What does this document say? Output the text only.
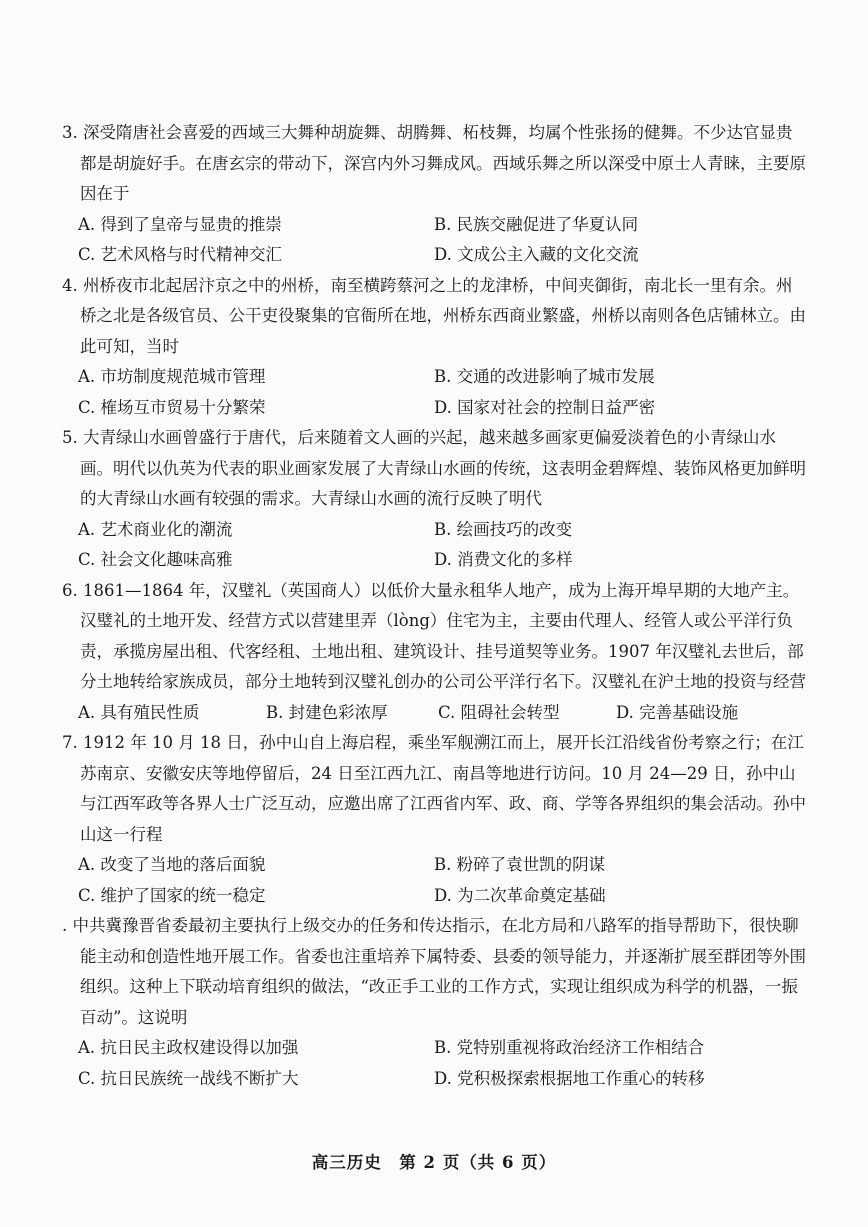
3. 深受隋唐社会喜爱的西域三大舞种胡旋舞、胡腾舞、柘枝舞，均属个性张扬的健舞。不少达官显贵都是胡旋好手。在唐玄宗的带动下，深宫内外习舞成风。西域乐舞之所以深受中原士人青睐，主要原因在于

A. 得到了皇帝与显贵的推崇	B. 民族交融促进了华夏认同
C. 艺术风格与时代精神交汇	D. 文成公主入藏的文化交流

4. 州桥夜市北起居汴京之中的州桥，南至横跨蔡河之上的龙津桥，中间夹御街，南北长一里有余。州桥之北是各级官员、公干吏役聚集的官衙所在地，州桥东西商业繁盛，州桥以南则各色店铺林立。由此可知，当时

A. 市坊制度规范城市管理	B. 交通的改进影响了城市发展
C. 榷场互市贸易十分繁荣	D. 国家对社会的控制日益严密

5. 大青绿山水画曾盛行于唐代，后来随着文人画的兴起，越来越多画家更偏爱淡着色的小青绿山水画。明代以仇英为代表的职业画家发展了大青绿山水画的传统，这表明金碧辉煌、装饰风格更加鲜明的大青绿山水画有较强的需求。大青绿山水画的流行反映了明代

A. 艺术商业化的潮流	B. 绘画技巧的改变
C. 社会文化趣味高雅	D. 消费文化的多样

6. 1861—1864 年，汉璧礼（英国商人）以低价大量永租华人地产，成为上海开埠早期的大地产主。汉璧礼的土地开发、经营方式以营建里弄（lòng）住宅为主，主要由代理人、经管人或公平洋行负责，承揽房屋出租、代客经租、土地出租、建筑设计、挂号道契等业务。1907 年汉璧礼去世后，部分土地转给家族成员，部分土地转到汉璧礼创办的公司公平洋行名下。汉璧礼在沪土地的投资与经营

A. 具有殖民性质	B. 封建色彩浓厚	C. 阻碍社会转型	D. 完善基础设施

7. 1912 年 10 月 18 日，孙中山自上海启程，乘坐军舰溯江而上，展开长江沿线省份考察之行；在江苏南京、安徽安庆等地停留后，24 日至江西九江、南昌等地进行访问。10 月 24—29 日，孙中山与江西军政等各界人士广泛互动，应邀出席了江西省内军、政、商、学等各界组织的集会活动。孙中山这一行程

A. 改变了当地的落后面貌	B. 粉碎了袁世凯的阴谋
C. 维护了国家的统一稳定	D. 为二次革命奠定基础

. 中共冀豫晋省委最初主要执行上级交办的任务和传达指示，在北方局和八路军的指导帮助下，很快聊能主动和创造性地开展工作。省委也注重培养下属特委、县委的领导能力，并逐渐扩展至群团等外围组织。这种上下联动培育组织的做法，“改正手工业的工作方式，实现让组织成为科学的机器，一振百动”。这说明

A. 抗日民主政权建设得以加强	B. 党特别重视将政治经济工作相结合
C. 抗日民族统一战线不断扩大	D. 党积极探索根据地工作重心的转移
高三历史　第 2 页（共 6 页）
